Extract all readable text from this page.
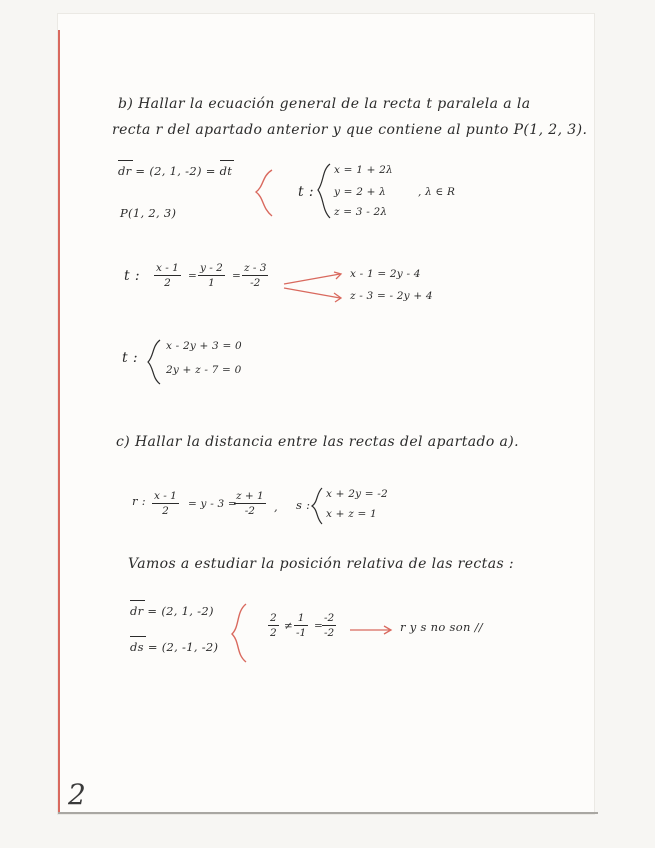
b) Hallar la ecuación general de la recta t paralela a la
recta r del apartado anterior y que contiene al punto P(1, 2, 3).
dr = (2, 1, -2) = dt
P(1, 2, 3)
t :
x = 1 + 2λ
y = 2 + λ
z = 3 - 2λ
, λ ∈ R
t : x - 1
2
=
y - 2
1
=
z - 3
-2
x - 1 = 2y - 4
z - 3 = - 2y + 4
t :
x - 2y + 3 = 0
2y + z - 7 = 0
c) Hallar la distancia entre las rectas del apartado a).
r : x - 1
2
= y - 3 =
z + 1
-2 , s :
x + 2y = -2
x + z = 1
Vamos a estudiar la posición relativa de las rectas :
dr = (2, 1, -2)
ds = (2, -1, -2)
2
2
≠
1
-1
=
-2
-2	r y s no son //
2
